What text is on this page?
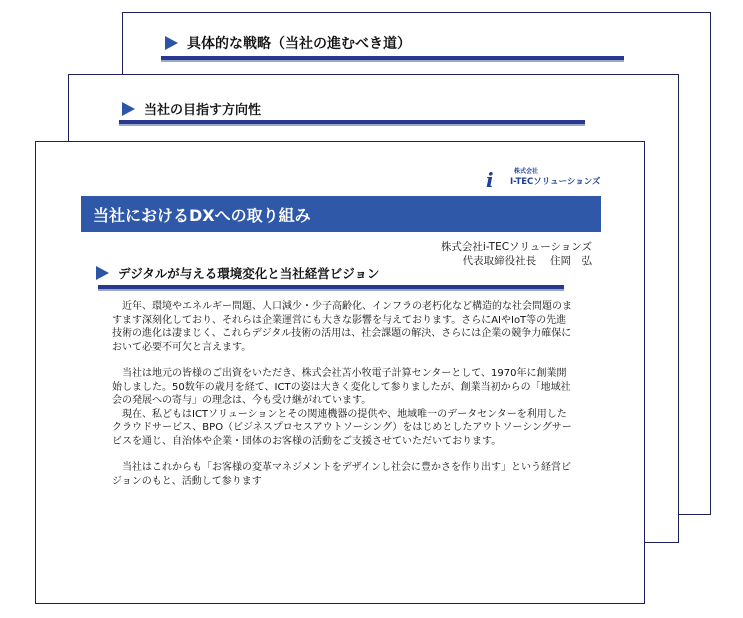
具体的な戦略（当社の進むべき道）
当社の目指す方向性
i	株式会社
I-TECソリューションズ
当社におけるDXへの取り組み
株式会社i-TECソリューションズ
代表取締役社長　 住岡　弘
デジタルが与える環境変化と当社経営ビジョン

近年、環境やエネルギー問題、人口減少・少子高齢化、インフラの老朽化など構造的な社会問題のますます深刻化しており、それらは企業運営にも大きな影響を与えております。さらにAIやIoT等の先進技術の進化は凄まじく、これらデジタル技術の活用は、社会課題の解決、さらには企業の競争力確保において必要不可欠と言えます。

当社は地元の皆様のご出資をいただき、株式会社苫小牧電子計算センターとして、1970年に創業開始しました。50数年の歳月を経て、ICTの姿は大きく変化して参りましたが、創業当初からの「地域社会の発展への寄与」の理念は、今も受け継がれています。

現在、私どもはICTソリューションとその関連機器の提供や、地域唯一のデータセンターを利用したクラウドサービス、BPO（ビジネスプロセスアウトソーシング）をはじめとしたアウトソーシングサービスを通じ、自治体や企業・団体のお客様の活動をご支援させていただいております。

当社はこれからも「お客様の変革マネジメントをデザインし社会に豊かさを作り出す」という経営ビジョンのもと、活動して参ります
